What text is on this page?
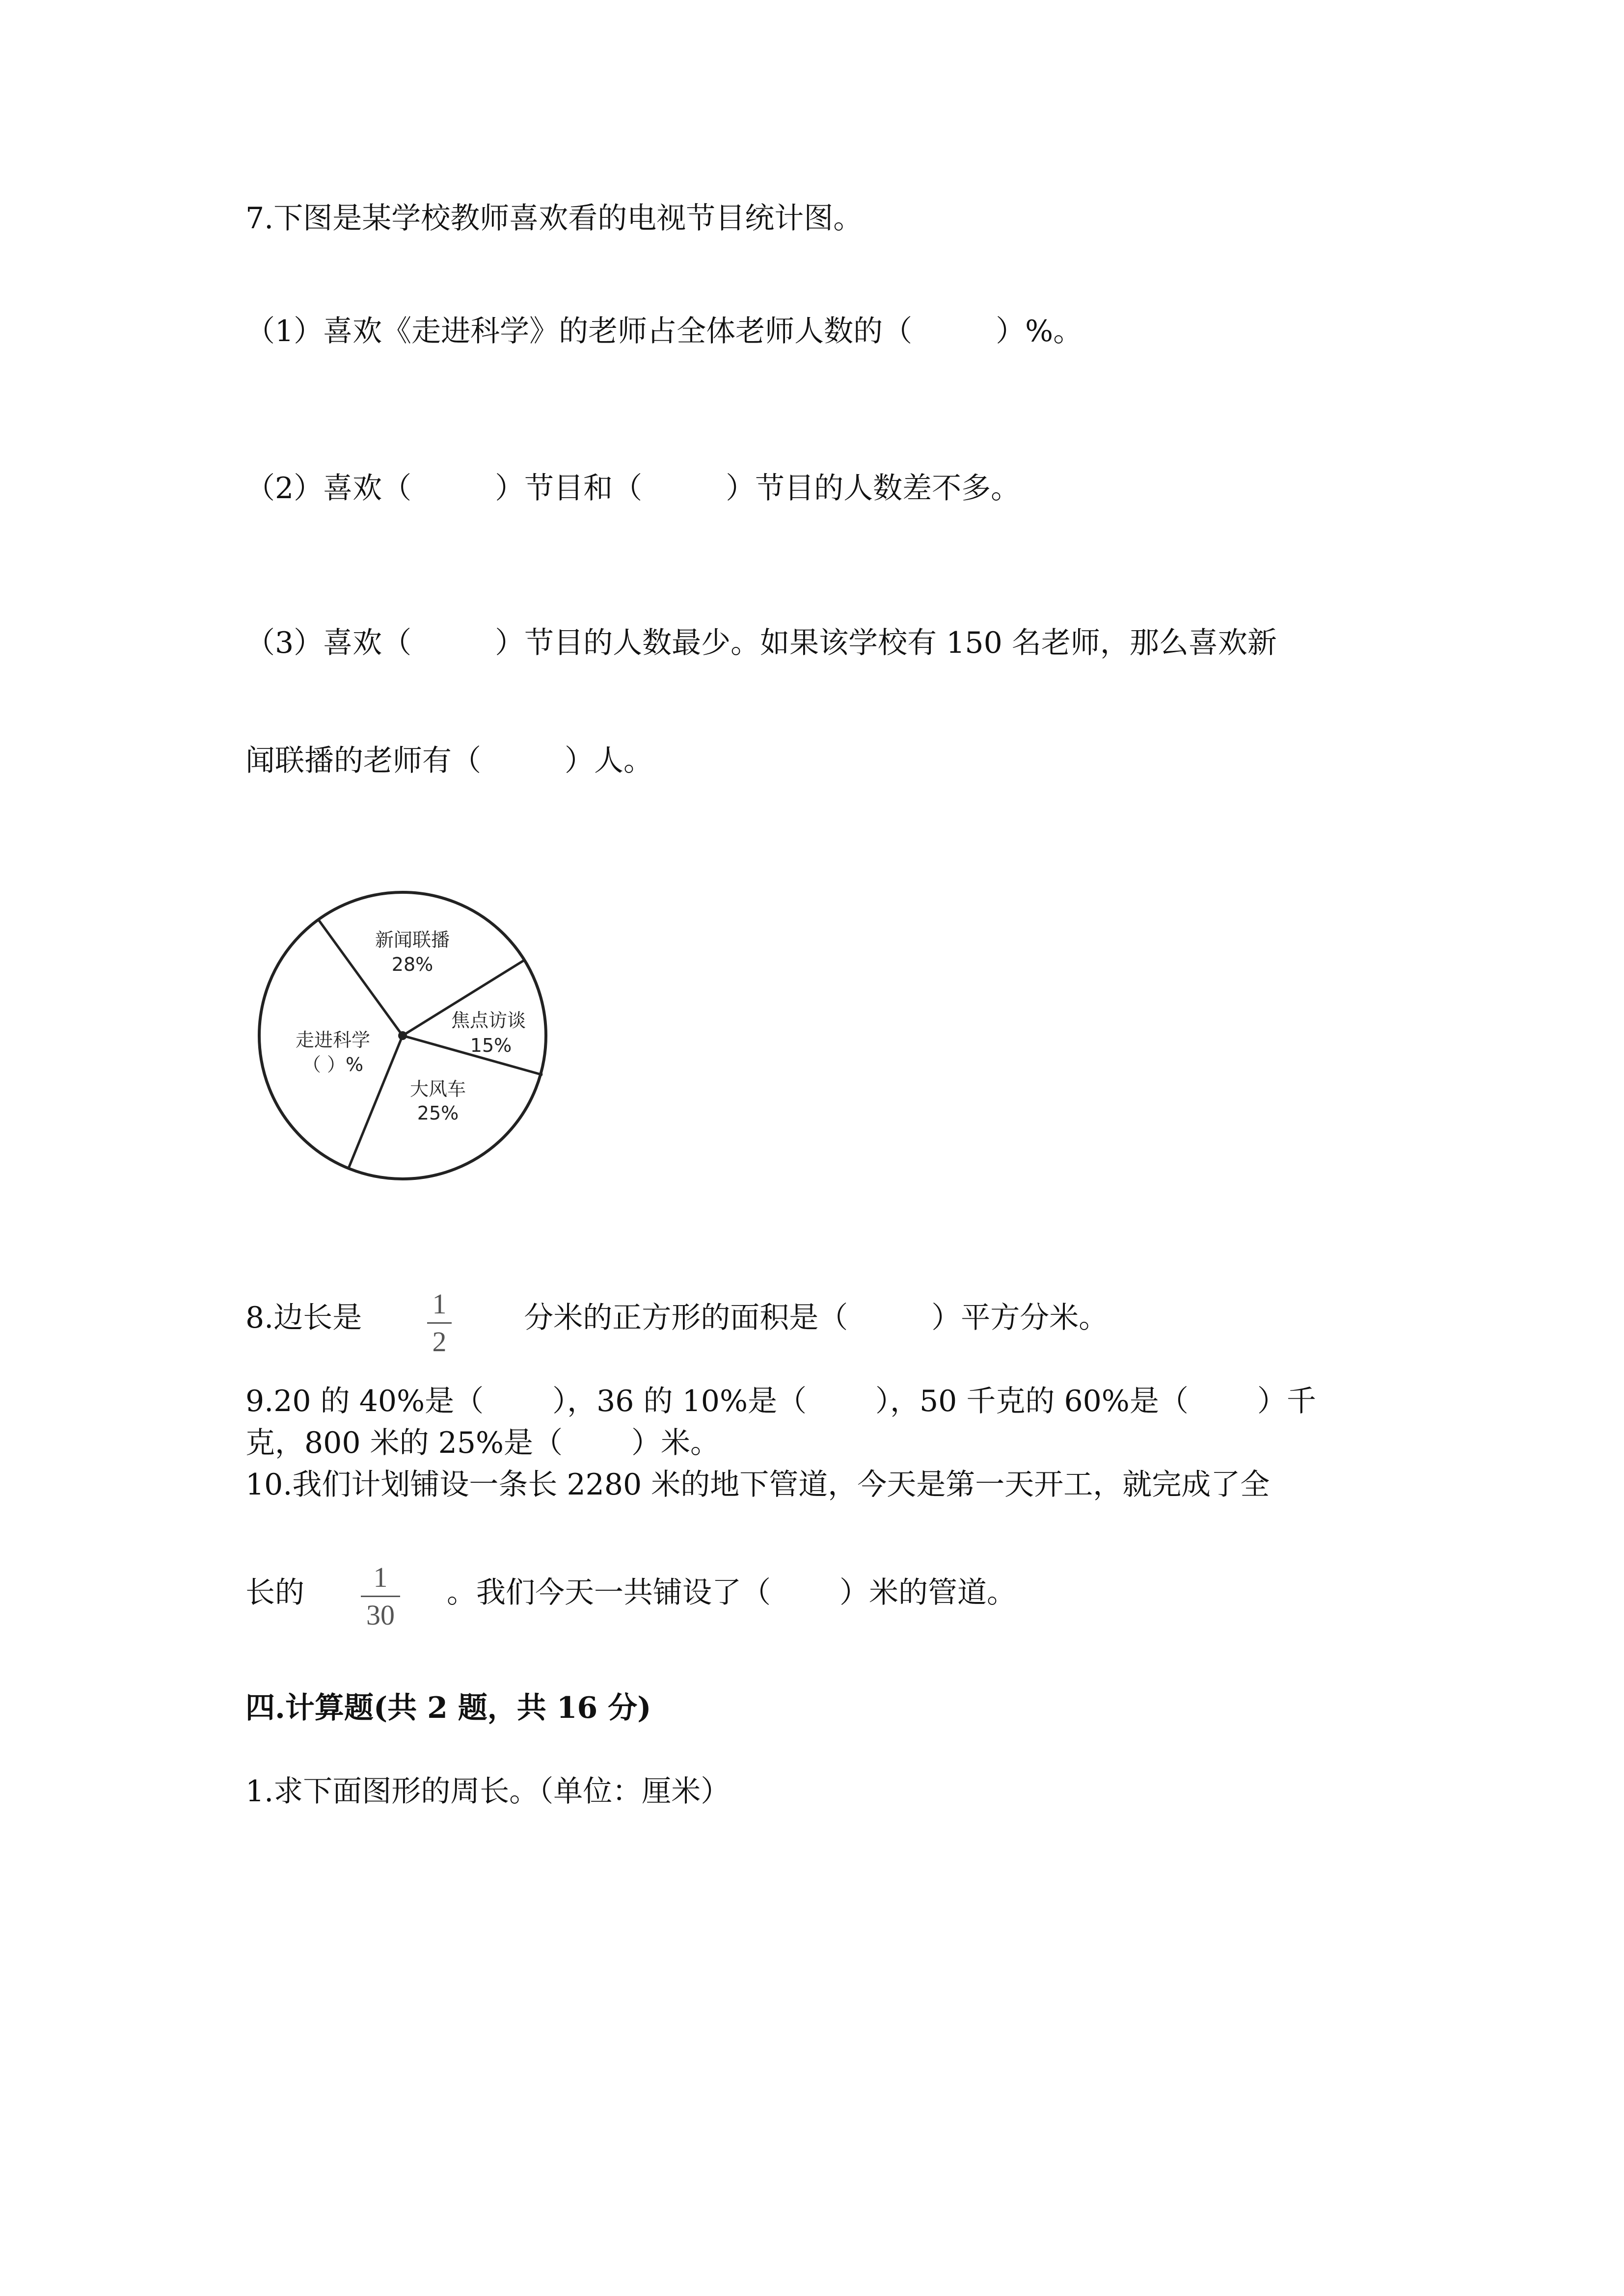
7.下图是某学校教师喜欢看的电视节目统计图。
（1）喜欢《走进科学》的老师占全体老师人数的（	）%。
（2）喜欢（	）节目和（	）节目的人数差不多。
（3）喜欢（	）节目的人数最少。如果该学校有 150 名老师，那么喜欢新
闻联播的老师有（	）人。
新闻联播
28%
焦点访谈
15%
大风车
25%
走进科学
（ ）%
8.边长是	分米的正方形的面积是（	）平方分米。
1
2
9.20 的 40%是（ ），36 的 10%是（ ），50 千克的 60%是（ ）千
克，800 米的 25%是（ ）米。
10.我们计划铺设一条长 2280 米的地下管道，今天是第一天开工，就完成了全
长的	。我们今天一共铺设了（ ）米的管道。
1
30
四.计算题(共 2 题，共 16 分)
1.求下面图形的周长。（单位：厘米）
